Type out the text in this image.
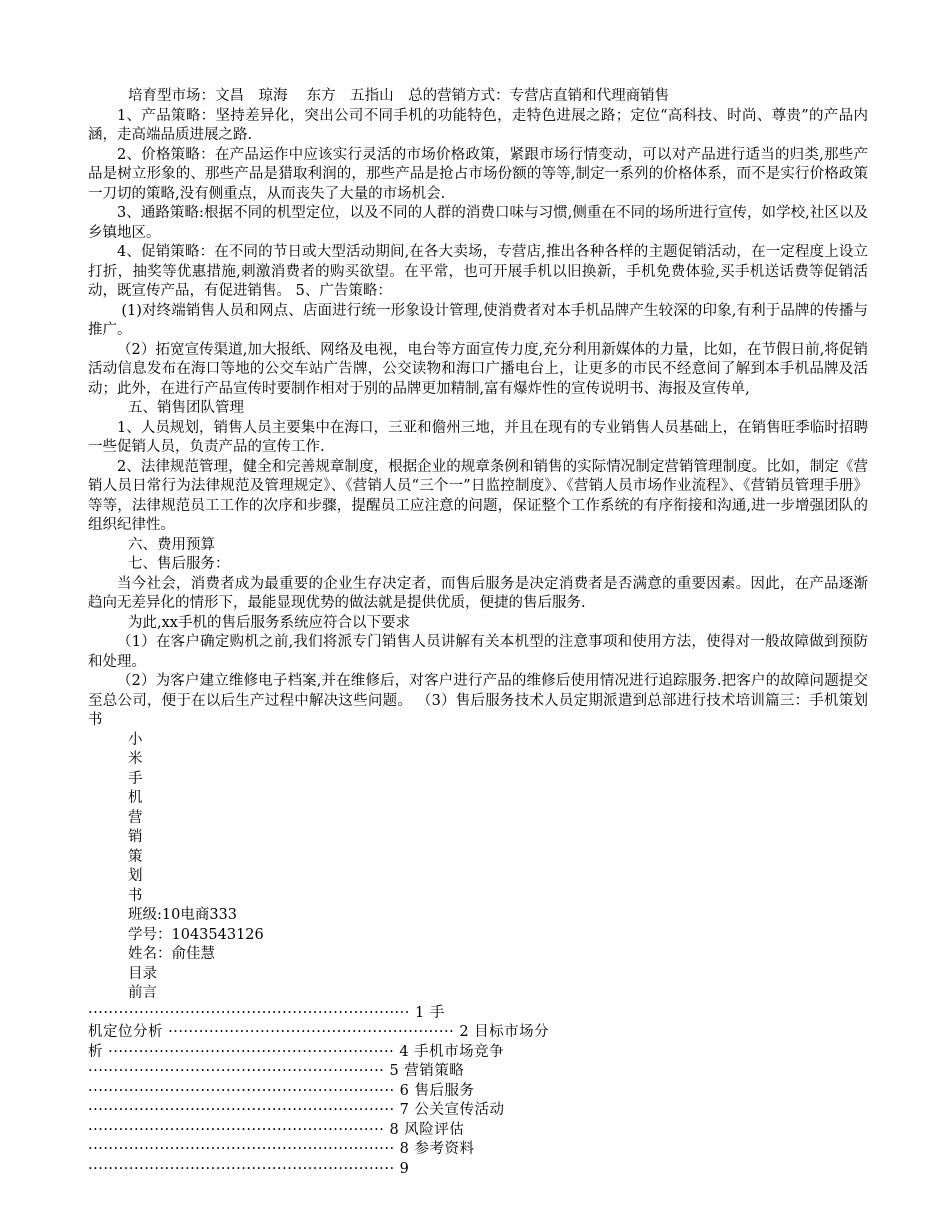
培育型市场：文昌　琼海　 东方　五指山　总的营销方式：专营店直销和代理商销售
1、产品策略：坚持差异化，突出公司不同手机的功能特色，走特色进展之路；定位“高科技、时尚、尊贵”的产品内涵，走高端品质进展之路.
2、价格策略：在产品运作中应该实行灵活的市场价格政策，紧跟市场行情变动，可以对产品进行适当的归类,那些产品是树立形象的、那些产品是猎取利润的，那些产品是抢占市场份额的等等,制定一系列的价格体系，而不是实行价格政策一刀切的策略,没有侧重点，从而丧失了大量的市场机会.
3、通路策略:根据不同的机型定位，以及不同的人群的消费口味与习惯,侧重在不同的场所进行宣传，如学校,社区以及乡镇地区。
4、促销策略：在不同的节日或大型活动期间,在各大卖场，专营店,推出各种各样的主题促销活动，在一定程度上设立打折，抽奖等优惠措施,刺激消费者的购买欲望。在平常，也可开展手机以旧换新，手机免费体验,买手机送话费等促销活动，既宣传产品，有促进销售。 5、广告策略：
(1)对终端销售人员和网点、店面进行统一形象设计管理,使消费者对本手机品牌产生较深的印象,有利于品牌的传播与推广。
（2）拓宽宣传渠道,加大报纸、网络及电视，电台等方面宣传力度,充分利用新媒体的力量，比如，在节假日前,将促销活动信息发布在海口等地的公交车站广告牌，公交读物和海口广播电台上，让更多的市民不经意间了解到本手机品牌及活动；此外，在进行产品宣传时要制作相对于别的品牌更加精制,富有爆炸性的宣传说明书、海报及宣传单,
五、销售团队管理
1、人员规划，销售人员主要集中在海口，三亚和儋州三地，并且在现有的专业销售人员基础上，在销售旺季临时招聘一些促销人员，负责产品的宣传工作.
2、法律规范管理，健全和完善规章制度，根据企业的规章条例和销售的实际情况制定营销管理制度。比如，制定《营销人员日常行为法律规范及管理规定》、《营销人员“三个一”日监控制度》、《营销人员市场作业流程》、《营销员管理手册》等等，法律规范员工工作的次序和步骤，提醒员工应注意的问题，保证整个工作系统的有序衔接和沟通,进一步增强团队的组织纪律性。
六、费用预算
七、售后服务：
当今社会，消费者成为最重要的企业生存决定者，而售后服务是决定消费者是否满意的重要因素。因此，在产品逐渐趋向无差异化的情形下，最能显现优势的做法就是提供优质，便捷的售后服务.
为此,xx手机的售后服务系统应符合以下要求
（1）在客户确定购机之前,我们将派专门销售人员讲解有关本机型的注意事项和使用方法，使得对一般故障做到预防和处理。
（2）为客户建立维修电子档案,并在维修后，对客户进行产品的维修后使用情况进行追踪服务.把客户的故障问题提交至总公司，便于在以后生产过程中解决这些问题。 （3）售后服务技术人员定期派遣到总部进行技术培训篇三：手机策划书
小
米
手
机
营
销
策
划
书
班级:10电商333
学号：1043543126
姓名：俞佳慧
目录
前言
······························································· 1 手
机定位分析 ························································ 2 目标市场分
析 ························································ 4 手机市场竞争
·························································· 5 营销策略
···························································· 6 售后服务
···························································· 7 公关宣传活动
·························································· 8 风险评估
···························································· 8 参考资料
···························································· 9
